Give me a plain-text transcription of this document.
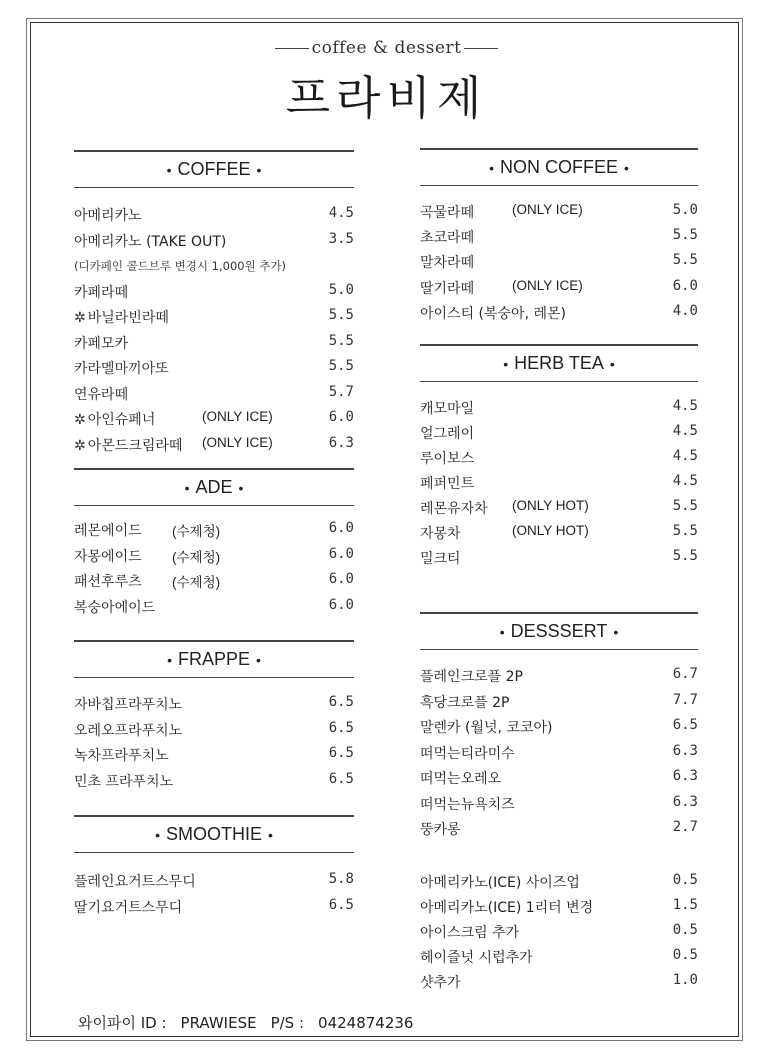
coffee & dessert
프라비제
• COFFEE •
아메리카노	4.5
아메리카노 (TAKE OUT)	3.5
카페라떼	5.0
✲ 바닐라빈라떼	5.5
카페모카	5.5
카라멜마끼아또	5.5
연유라떼	5.7
✲ 아인슈페너	(ONLY ICE)	6.0
✲ 아몬드크림라떼 (ONLY ICE)	6.3
(디카페인 콜드브루 변경시 1,000원 추가)
• ADE •
레몬에이드 (수제청)	6.0
자몽에이드 (수제청)	6.0
패션후루츠 (수제청)	6.0
복숭아에이드	6.0
• FRAPPE •
자바칩프라푸치노	6.5
오레오프라푸치노	6.5
녹차프라푸치노	6.5
민초 프라푸치노	6.5
• SMOOTHIE •
플레인요거트스무디	5.8
딸기요거트스무디	6.5
• NON COFFEE •
곡물라떼	(ONLY ICE)	5.0
초코라떼	5.5
말차라떼	5.5
딸기라떼	(ONLY ICE)	6.0
아이스티 (복숭아, 레몬)	4.0
• HERB TEA •
캐모마일	4.5
얼그레이	4.5
루이보스	4.5
페퍼민트	4.5
레몬유자차 (ONLY HOT)	5.5
자몽차	(ONLY HOT)	5.5
밀크티	5.5
• DESSSERT •
플레인크로플 2P	6.7
흑당크로플 2P	7.7
말렌카 (월넛, 코코아)	6.5
떠먹는티라미수	6.3
떠먹는오레오	6.3
떠먹는뉴욕치즈	6.3
뚱카롱	2.7
아메리카노(ICE) 사이즈업	0.5
아메리카노(ICE) 1리터 변경	1.5
아이스크림 추가	0.5
헤이즐넛 시럽추가	0.5
샷추가	1.0
와이파이 ID : PRAWIESE P/S : 0424874236
